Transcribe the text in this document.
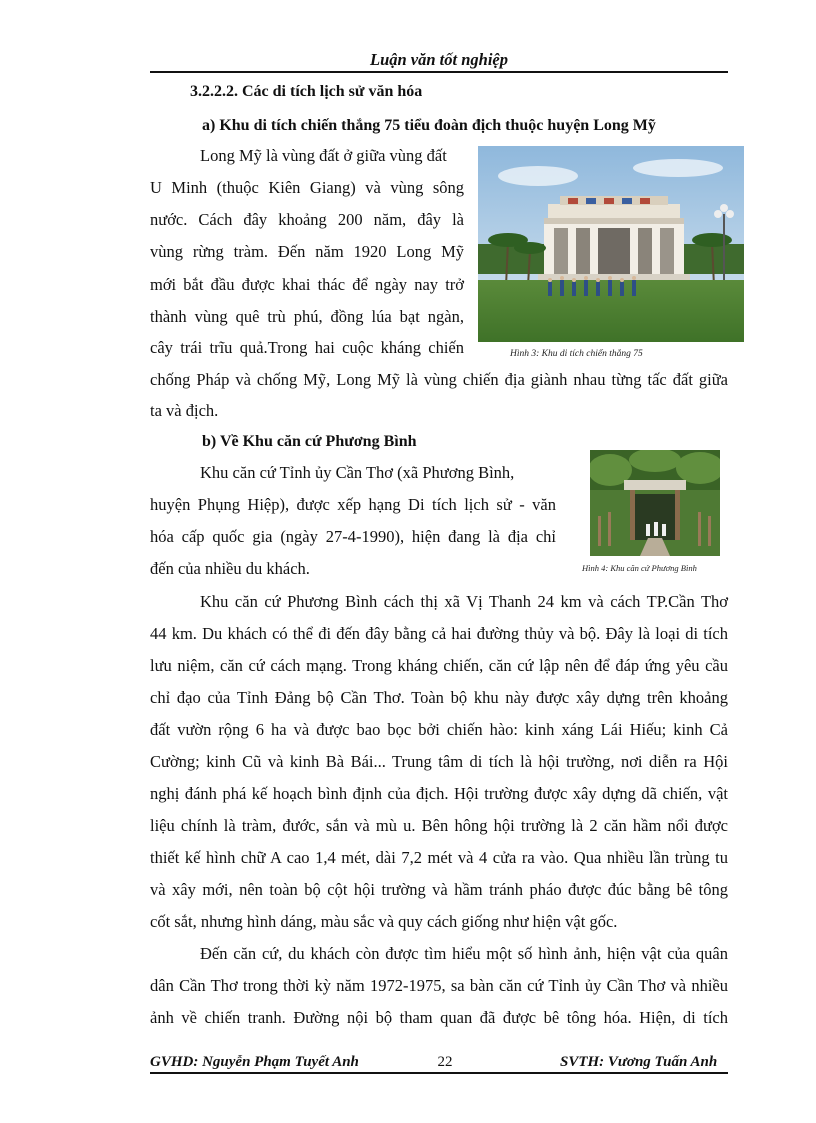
Luận văn tốt nghiệp
3.2.2.2. Các di tích lịch sử văn hóa
a) Khu di tích chiến thắng 75 tiểu đoàn địch thuộc huyện Long Mỹ
Long Mỹ là vùng đất ở giữa vùng đất
U Minh (thuộc Kiên Giang) và vùng sông
nước. Cách đây khoảng 200 năm, đây là
vùng rừng tràm. Đến năm 1920 Long Mỹ
mới bắt đầu được khai thác để ngày nay trở
thành vùng quê trù phú, đồng lúa bạt ngàn,
cây trái trĩu quả.Trong hai cuộc kháng chiến
chống Pháp và chống Mỹ, Long Mỹ là vùng chiến địa giành nhau từng tấc đất giữa
ta và địch.
Hình 3: Khu di tích chiến thắng 75
b) Về Khu căn cứ Phương Bình
Khu căn cứ Tỉnh ủy Cần Thơ (xã Phương Bình,
huyện Phụng Hiệp), được xếp hạng Di tích lịch sử - văn
hóa cấp quốc gia (ngày 27-4-1990), hiện đang là địa chỉ
đến của nhiều du khách.	Hình 4: Khu căn cứ Phương Bình
Khu căn cứ Phương Bình cách thị xã Vị Thanh 24 km và cách TP.Cần Thơ
44 km. Du khách có thể đi đến đây bằng cả hai đường thủy và bộ. Đây là loại di tích
lưu niệm, căn cứ cách mạng. Trong kháng chiến, căn cứ lập nên để đáp ứng yêu cầu
chỉ đạo của Tỉnh Đảng bộ Cần Thơ. Toàn bộ khu này được xây dựng trên khoảng
đất vườn rộng 6 ha và được bao bọc bởi chiến hào: kinh xáng Lái Hiếu; kinh Cả
Cường; kinh Cũ và kinh Bà Bái... Trung tâm di tích là hội trường, nơi diễn ra Hội
nghị đánh phá kế hoạch bình định của địch. Hội trường được xây dựng dã chiến, vật
liệu chính là tràm, đước, sắn và mù u. Bên hông hội trường là 2 căn hầm nổi được
thiết kế hình chữ A cao 1,4 mét, dài 7,2 mét và 4 cửa ra vào. Qua nhiều lần trùng tu
và xây mới, nên toàn bộ cột hội trường và hầm tránh pháo được đúc bằng bê tông
cốt sắt, nhưng hình dáng, màu sắc và quy cách giống như hiện vật gốc.
Đến căn cứ, du khách còn được tìm hiểu một số hình ảnh, hiện vật của quân
dân Cần Thơ trong thời kỳ năm 1972-1975, sa bàn căn cứ Tỉnh ủy Cần Thơ và nhiều
ảnh về chiến tranh. Đường nội bộ tham quan đã được bê tông hóa. Hiện, di tích
GVHD: Nguyễn Phạm Tuyết Anh	22	SVTH: Vương Tuấn Anh
